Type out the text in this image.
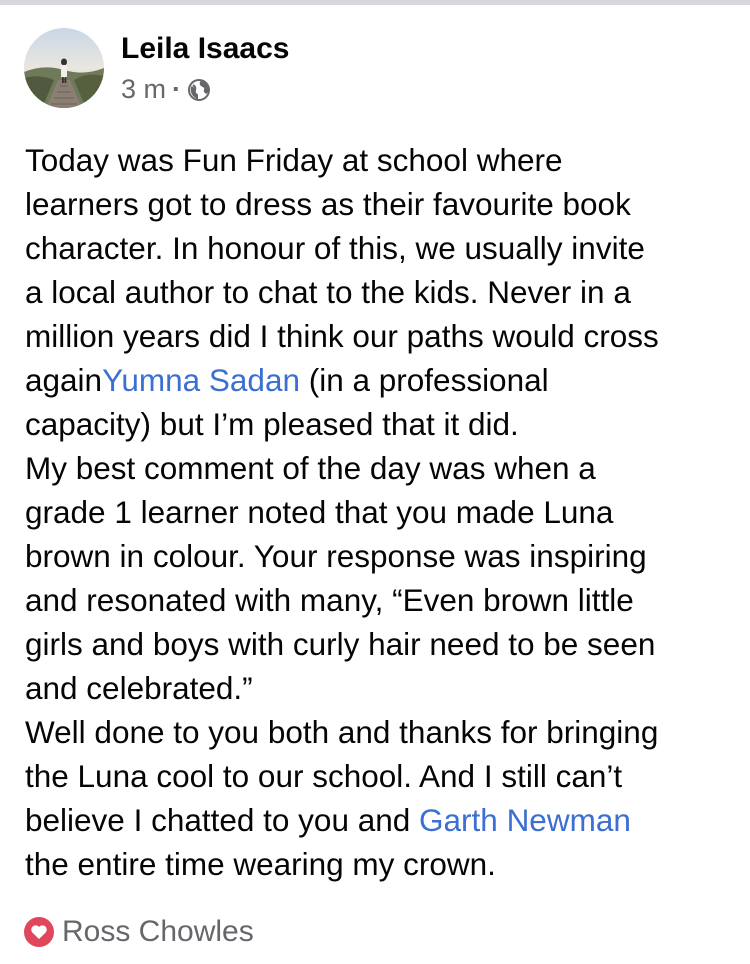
Leila Isaacs
3 m ·
Today was Fun Friday at school where
learners got to dress as their favourite book
character. In honour of this, we usually invite
a local author to chat to the kids. Never in a
million years did I think our paths would cross
againYumna Sadan (in a professional
capacity) but I’m pleased that it did.
My best comment of the day was when a
grade 1 learner noted that you made Luna
brown in colour. Your response was inspiring
and resonated with many, “Even brown little
girls and boys with curly hair need to be seen
and celebrated.”
Well done to you both and thanks for bringing
the Luna cool to our school. And I still can’t
believe I chatted to you and Garth Newman
the entire time wearing my crown.
Ross Chowles
